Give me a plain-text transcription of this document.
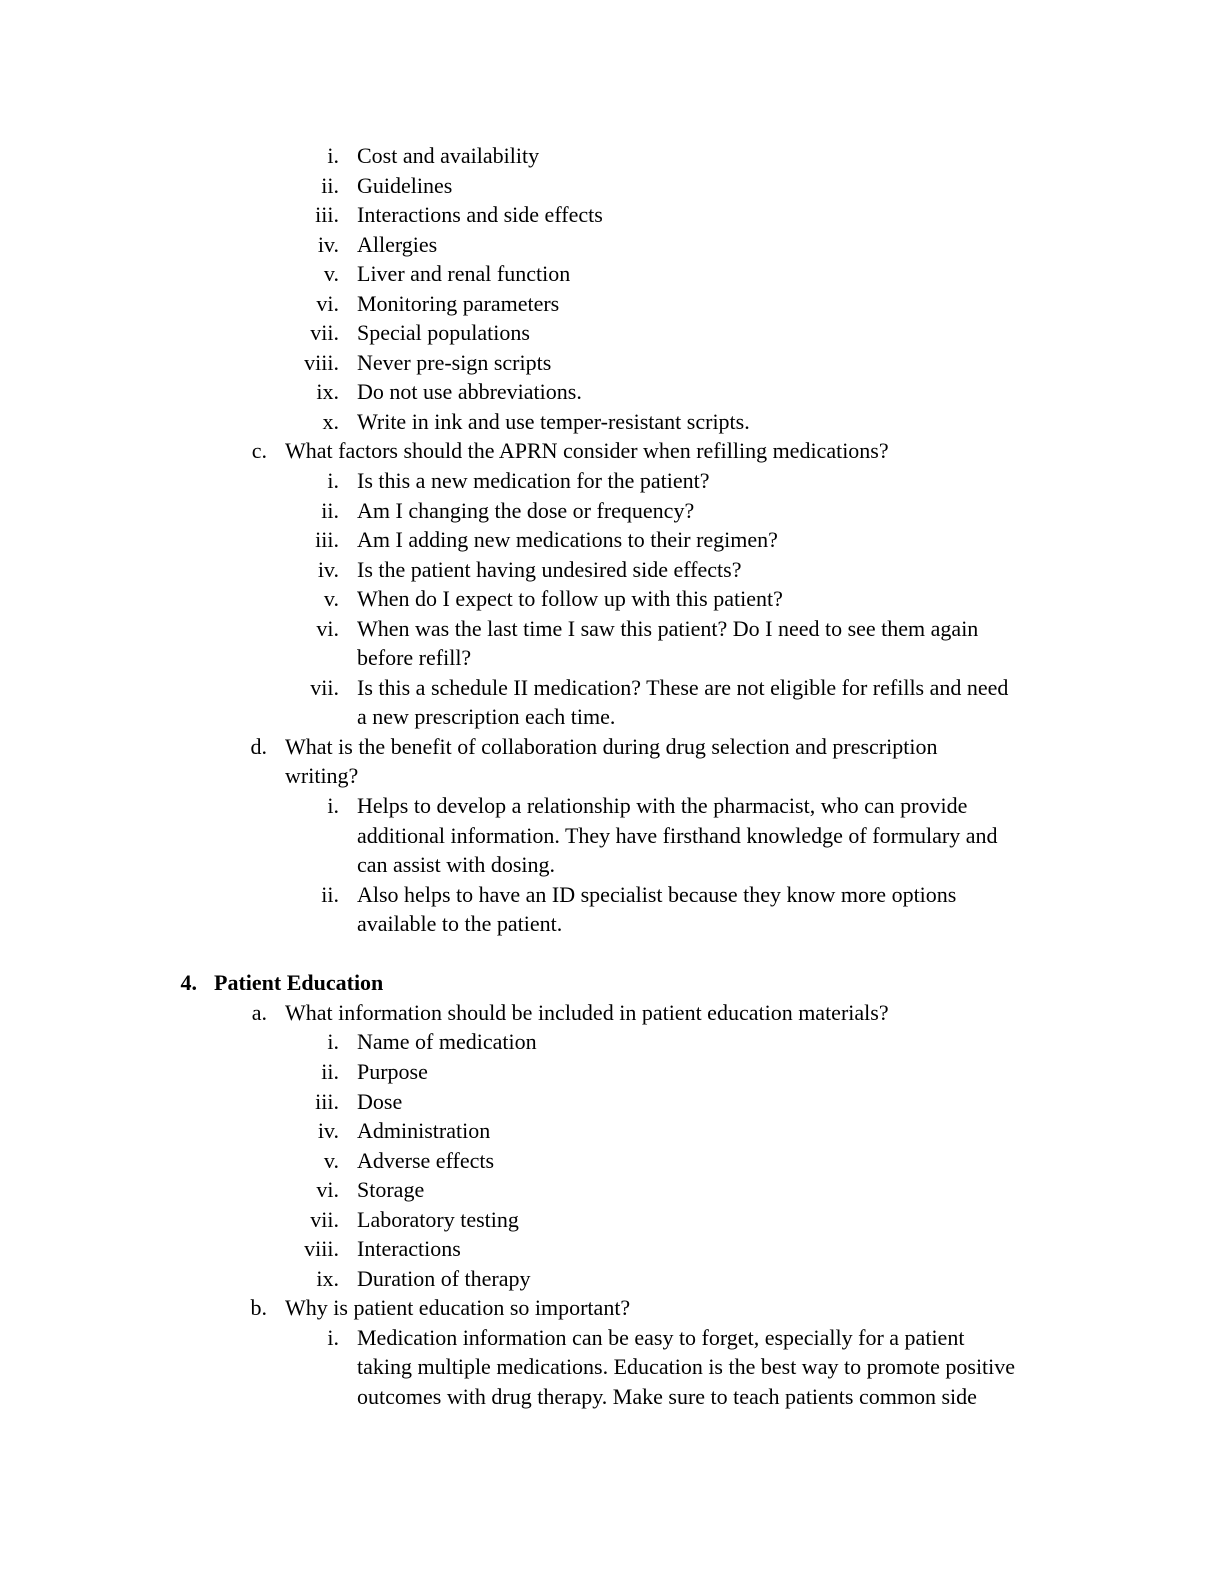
i. Cost and availability
ii. Guidelines
iii. Interactions and side effects
iv. Allergies
v. Liver and renal function
vi. Monitoring parameters
vii. Special populations
viii. Never pre-sign scripts
ix. Do not use abbreviations.
x. Write in ink and use temper-resistant scripts.
c. What factors should the APRN consider when refilling medications?
i. Is this a new medication for the patient?
ii. Am I changing the dose or frequency?
iii. Am I adding new medications to their regimen?
iv. Is the patient having undesired side effects?
v. When do I expect to follow up with this patient?
vi. When was the last time I saw this patient? Do I need to see them again
before refill?
vii. Is this a schedule II medication? These are not eligible for refills and need
a new prescription each time.
d. What is the benefit of collaboration during drug selection and prescription
writing?
i. Helps to develop a relationship with the pharmacist, who can provide
additional information. They have firsthand knowledge of formulary and
can assist with dosing.
ii. Also helps to have an ID specialist because they know more options
available to the patient.
4. Patient Education
a. What information should be included in patient education materials?
i. Name of medication
ii. Purpose
iii. Dose
iv. Administration
v. Adverse effects
vi. Storage
vii. Laboratory testing
viii. Interactions
ix. Duration of therapy
b. Why is patient education so important?
i. Medication information can be easy to forget, especially for a patient
taking multiple medications. Education is the best way to promote positive
outcomes with drug therapy. Make sure to teach patients common side
